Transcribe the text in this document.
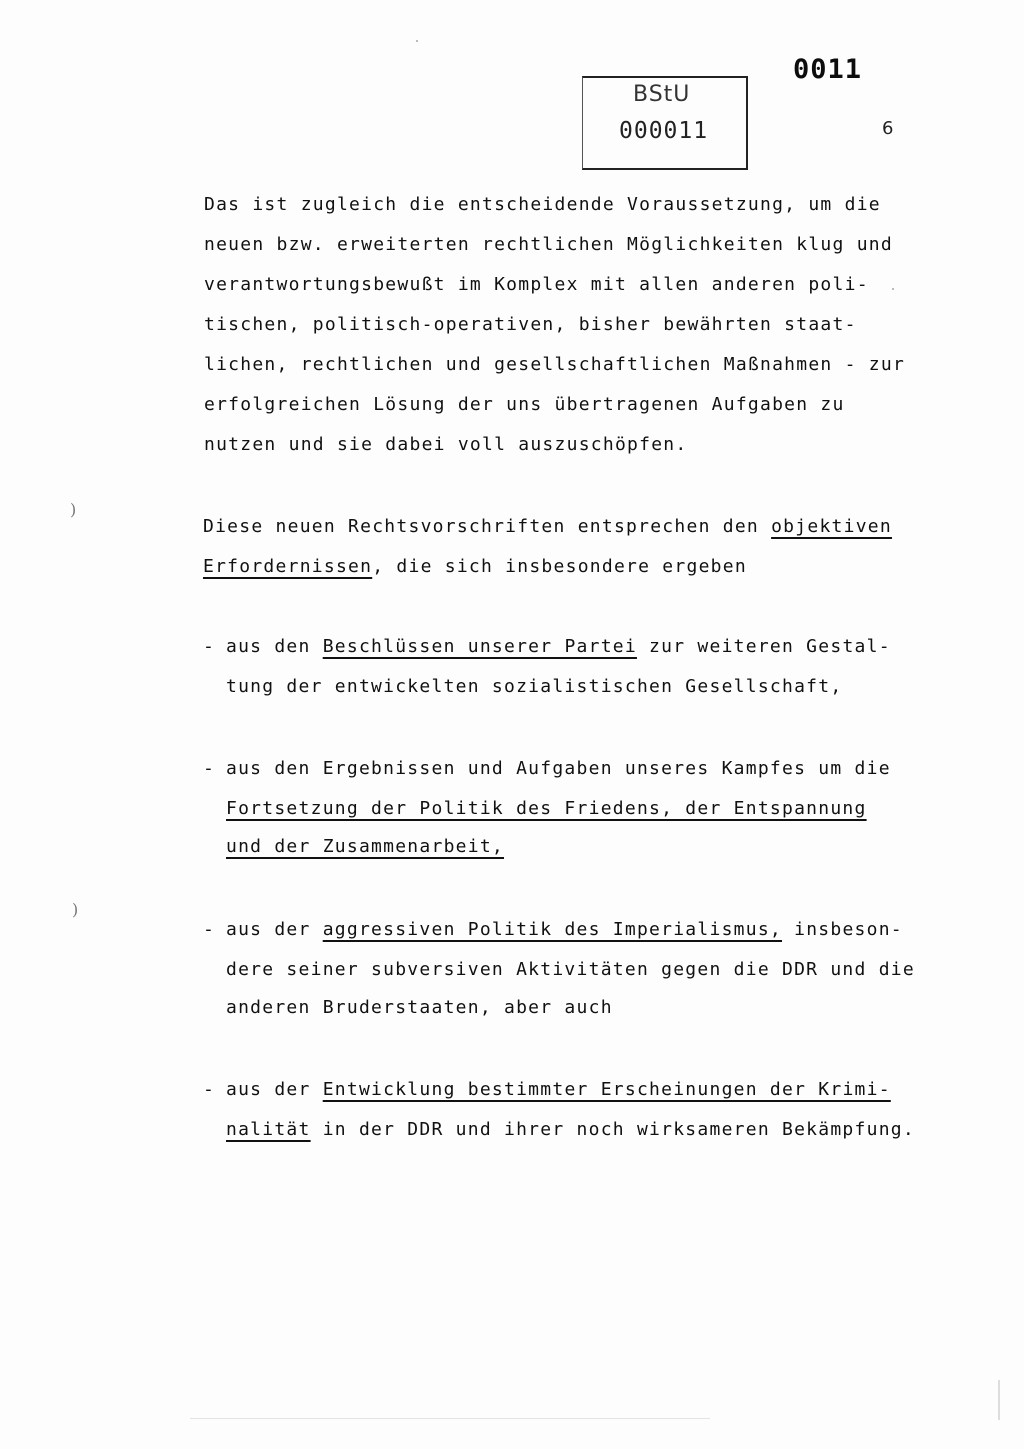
0011
BStU
000011	6
Das ist zugleich die entscheidende Voraussetzung, um die
neuen bzw. erweiterten rechtlichen Möglichkeiten klug und
verantwortungsbewußt im Komplex mit allen anderen poli-
tischen, politisch-operativen, bisher bewährten staat-
lichen, rechtlichen und gesellschaftlichen Maßnahmen - zur
erfolgreichen Lösung der uns übertragenen Aufgaben zu
nutzen und sie dabei voll auszuschöpfen.
Diese neuen Rechtsvorschriften entsprechen den objektiven
Erfordernissen, die sich insbesondere ergeben
- aus den Beschlüssen unserer Partei zur weiteren Gestal-
tung der entwickelten sozialistischen Gesellschaft,
- aus den Ergebnissen und Aufgaben unseres Kampfes um die
Fortsetzung der Politik des Friedens, der Entspannung
und der Zusammenarbeit,
- aus der aggressiven Politik des Imperialismus, insbeson-
dere seiner subversiven Aktivitäten gegen die DDR und die
anderen Bruderstaaten, aber auch
- aus der Entwicklung bestimmter Erscheinungen der Krimi-
nalität in der DDR und ihrer noch wirksameren Bekämpfung.
)
)
